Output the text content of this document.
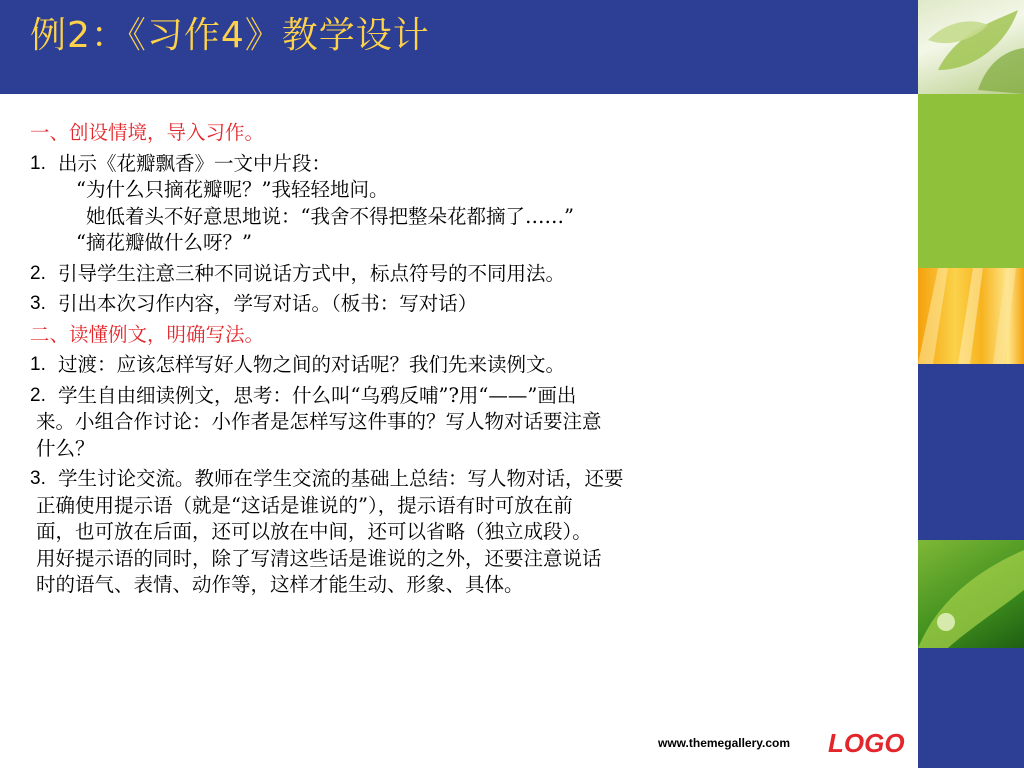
例2：《习作4》教学设计
一、创设情境，导入习作。
1. 出示《花瓣飘香》一文中片段：
“为什么只摘花瓣呢？”我轻轻地问。
她低着头不好意思地说：“我舍不得把整朵花都摘了……”
“摘花瓣做什么呀？”
2. 引导学生注意三种不同说话方式中，标点符号的不同用法。
3. 引出本次习作内容，学写对话。（板书：写对话）
二、读懂例文，明确写法。
1. 过渡：应该怎样写好人物之间的对话呢？我们先来读例文。
2. 学生自由细读例文，思考：什么叫“乌鸦反哺”?用“——”画出
来。小组合作讨论：小作者是怎样写这件事的？写人物对话要注意
什么？
3. 学生讨论交流。教师在学生交流的基础上总结：写人物对话，还要
正确使用提示语（就是“这话是谁说的”），提示语有时可放在前
面，也可放在后面，还可以放在中间，还可以省略（独立成段）。
用好提示语的同时，除了写清这些话是谁说的之外，还要注意说话
时的语气、表情、动作等，这样才能生动、形象、具体。
www.themegallery.com LOGO
